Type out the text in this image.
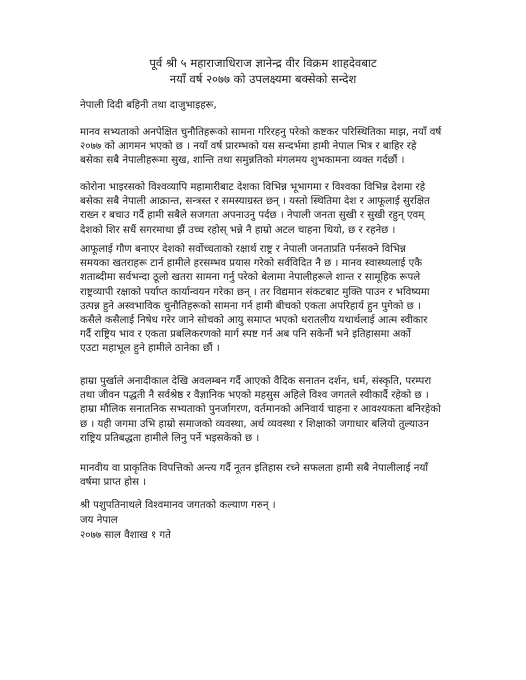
पूर्व श्री ५ महाराजाधिराज ज्ञानेन्द्र वीर विक्रम शाहदेवबाट
नयाँ वर्ष २०७७ को उपलक्ष्यमा बक्सेको सन्देश
नेपाली दिदी बहिनी तथा दाजुभाइहरू,
मानव सभ्यताको अनपेक्षित चुनौतिहरूको सामना गरिरहनु परेको कष्टकर परिस्थितिका माझ, नयाँ वर्ष
२०७७ को आगमन भएको छ । नयाँ वर्ष प्रारम्भको यस सन्दर्भमा हामी नेपाल भित्र र बाहिर रहे
बसेका सबै नेपालीहरूमा सुख, शान्ति तथा समुन्नतिको मंगलमय शुभकामना व्यक्त गर्दछौं ।
कोरोना भाइरसको विश्वव्यापि महामारीबाट देशका विभिन्न भूभागमा र विश्वका विभिन्न देशमा रहे
बसेका सबै नेपाली आक्रान्त, सन्त्रस्त र समस्याग्रस्त छन् । यस्तो स्थितिमा देश र आफूलाई सुरक्षित
राख्न र बचाउ गर्दै हामी सबैले सजगता अपनाउनु पर्दछ । नेपाली जनता सुखी र सुखी रहुन् एवम्
देशको शिर सधैं सगरमाथा झैं उच्च रहोस् भन्ने नै हाम्रो अटल चाहना थियो, छ र रहनेछ ।
आफूलाई गौण बनाएर देशको सर्वोच्चताको रक्षार्थ राष्ट्र र नेपाली जनताप्रति पर्नसक्ने विभिन्न
समयका खतराहरू टार्न हामीले हरसम्भव प्रयास गरेको सर्वविदित नै छ । मानव स्वास्थ्यलाई एकै
शताब्दीमा सर्वभन्दा ठूलो खतरा सामना गर्नु परेको बेलामा नेपालीहरूले शान्त र सामूहिक रूपले
राष्ट्रव्यापी रक्षाको पर्याप्त कार्यान्वयन गरेका छन् । तर विद्यमान संकटबाट मुक्ति पाउन र भविष्यमा
उत्पन्न हुने अस्वभाविक चुनौतिहरूको सामना गर्न हामी बीचको एकता अपरिहार्य हुन पुगेको छ ।
कसैले कसैलाई निषेध गरेर जाने सोचको आयु समाप्त भएको धरातलीय यथार्थलाई आत्म स्वीकार
गर्दै राष्ट्रिय भाव र एकता प्रबलिकरणको मार्ग स्पष्ट गर्न अब पनि सकेनौं भने इतिहासमा अर्को
एउटा महाभूल हुने हामीले ठानेका छौं ।
हाम्रा पुर्खाले अनादीकाल देखि अवलम्बन गर्दै आएको वैदिक सनातन दर्शन, धर्म, संस्कृति, परम्परा
तथा जीवन पद्धती नै सर्वश्रेष्ठ र वैज्ञानिक भएको महसुस अहिले विश्व जगतले स्वीकार्दै रहेको छ ।
हाम्रा मौलिक सनातनिक सभ्यताको पुनर्जागरण, वर्तमानको अनिवार्य चाहना र आवश्यकता बनिरहेको
छ । यही जगमा उभि हाम्रो समाजको व्यवस्था, अर्थ व्यवस्था र शिक्षाको जगाधार बलियो तुल्याउन
राष्ट्रिय प्रतिबद्धता हामीले लिनु पर्ने भइसकेको छ ।
मानवीय वा प्राकृतिक विपत्तिको अन्त्य गर्दै नूतन इतिहास रच्ने सफलता हामी सबै नेपालीलाई नयाँ
वर्षमा प्राप्त होस ।
श्री पशुपतिनाथले विश्वमानव जगतको कल्याण गरुन् ।
जय नेपाल
२०७७ साल वैशाख १ गते
